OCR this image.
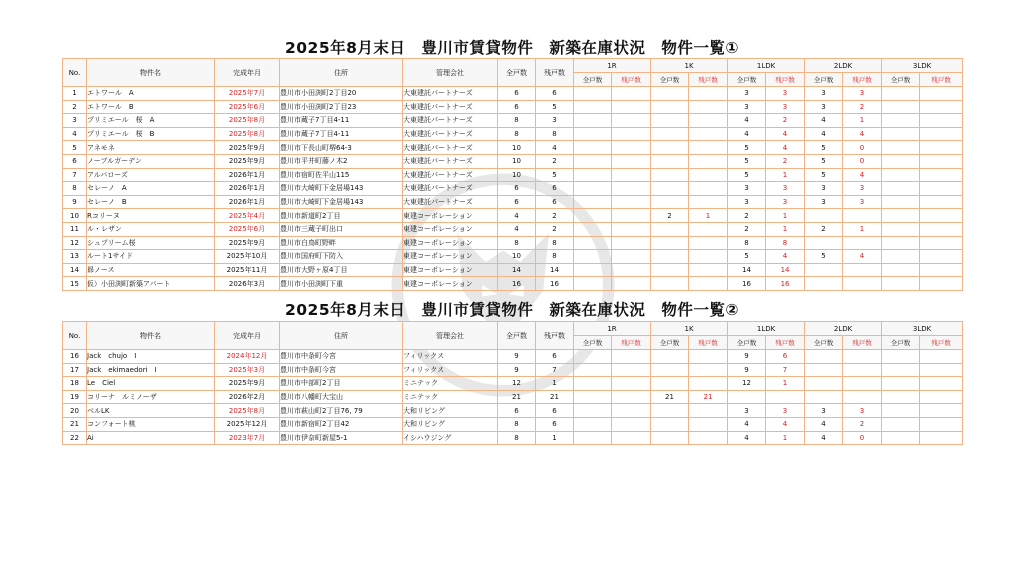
2025年8月末日　豊川市賃貸物件　新築在庫状況　物件一覧①
No.	物件名	完成年月	住所	管理会社	全戸数	残戸数	1R		1K		1LDK		2LDK		3LDK	
							全戸数	残戸数	全戸数	残戸数	全戸数	残戸数	全戸数	残戸数	全戸数	残戸数
1	エトワール　A	2025年7月	豊川市小田渕町2丁目20	大東建託パートナーズ	6	6					3	3	3	3		
2	エトワール　B	2025年6月	豊川市小田渕町2丁目23	大東建託パートナーズ	6	5					3	3	3	2		
3	プリミエール　桜　A	2025年8月	豊川市蔵子7丁目4-11	大東建託パートナーズ	8	3					4	2	4	1		
4	プリミエール　桜　B	2025年8月	豊川市蔵子7丁目4-11	大東建託パートナーズ	8	8					4	4	4	4		
5	アネモネ	2025年9月	豊川市下長山町堺64-3	大東建託パートナーズ	10	4					5	4	5	0		
6	ノーブルガーデン	2025年9月	豊川市平井町藤ノ木2	大東建託パートナーズ	10	2					5	2	5	0		
7	アルバローズ	2026年1月	豊川市宿町佐平山115	大東建託パートナーズ	10	5					5	1	5	4		
8	セレーノ　A	2026年1月	豊川市大崎町下金居場143	大東建託パートナーズ	6	6					3	3	3	3		
9	セレーノ　B	2026年1月	豊川市大崎町下金居場143	大東建託パートナーズ	6	6					3	3	3	3		
10	Rコリーヌ	2025年4月	豊川市新道町2丁目	東建コーポレーション	4	2			2	1	2	1				
11	ル・レザン	2025年6月	豊川市三蔵子町出口	東建コーポレーション	4	2					2	1	2	1		
12	シュプリーム桜	2025年9月	豊川市白鳥町野畔	東建コーポレーション	8	8					8	8				
13	ルート1サイド	2025年10月	豊川市国府町下防入	東建コーポレーション	10	8					5	4	5	4		
14	昴ノース	2025年11月	豊川市大野ヶ原4丁目	東建コーポレーション	14	14					14	14				
15	仮）小田渕町新築アパート	2026年3月	豊川市小田渕町下重	東建コーポレーション	16	16					16	16				
2025年8月末日　豊川市賃貸物件　新築在庫状況　物件一覧②
No.	物件名	完成年月	住所	管理会社	全戸数	残戸数	1R		1K		1LDK		2LDK		3LDK	
							全戸数	残戸数	全戸数	残戸数	全戸数	残戸数	全戸数	残戸数	全戸数	残戸数
16	Jack　chujo　I	2024年12月	豊川市中条町今宮	フィリックス	9	6					9	6				
17	Jack　ekimaedori　I	2025年3月	豊川市中条町今宮	フィリックス	9	7					9	7				
18	Le　Ciel	2025年9月	豊川市中部町2丁目	ミニテック	12	1					12	1				
19	コリーナ　ルミノーザ	2026年2月	豊川市八幡町大宝山	ミニテック	21	21			21	21						
20	ベルLK	2025年8月	豊川市萩山町2丁目76, 79	大和リビング	6	6					3	3	3	3		
21	コンフォート桃	2025年12月	豊川市新宿町2丁目42	大和リビング	8	6					4	4	4	2		
22	Ai	2023年7月	豊川市伊奈町新屋5-1	イシハウジング	8	1					4	1	4	0		
